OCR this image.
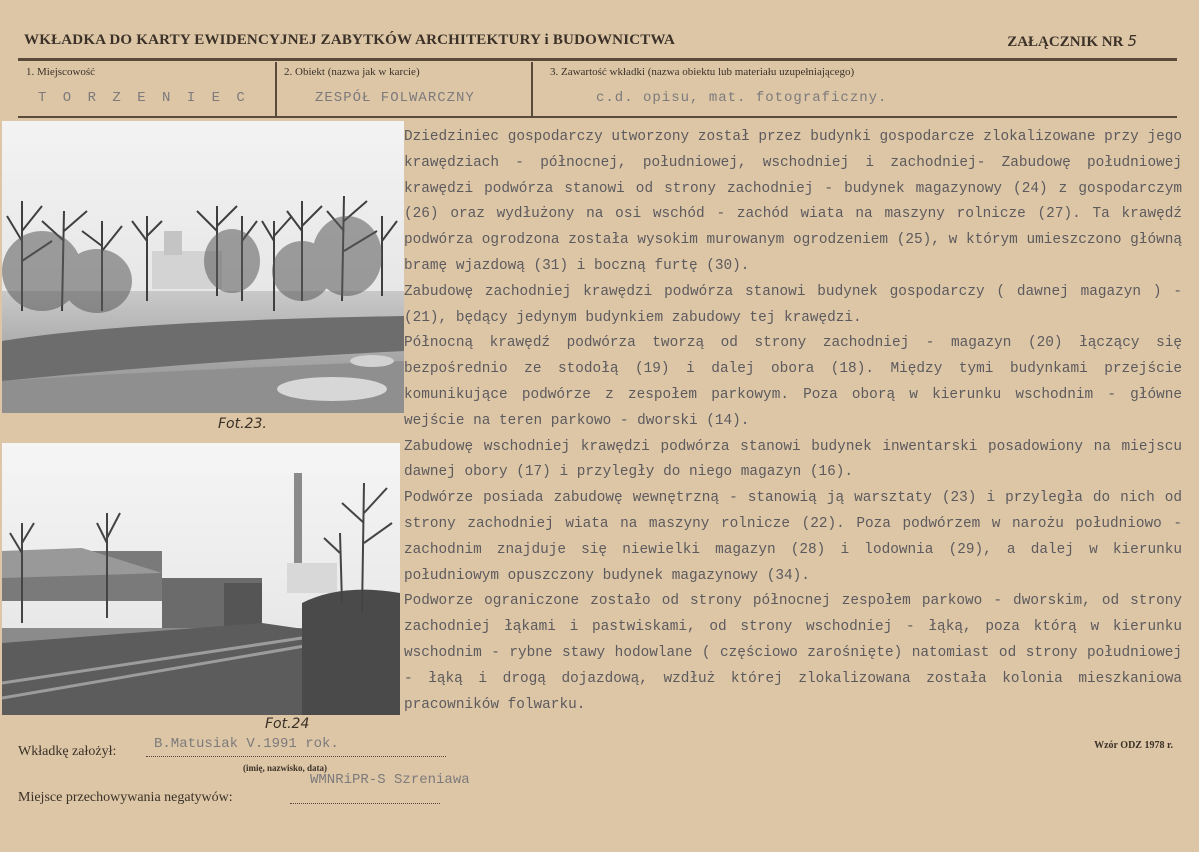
WKŁADKA DO KARTY EWIDENCYJNEJ ZABYTKÓW ARCHITEKTURY i BUDOWNICTWA	ZAŁĄCZNIK NR 5
1. Miejscowość	2. Obiekt (nazwa jak w karcie)	3. Zawartość wkładki (nazwa obiektu lub materiału uzupełniającego)
T O R Z E N I E C	ZESPÓŁ FOLWARCZNY	c.d. opisu, mat. fotograficzny.
Fot.23.
Fot.24

Dziedziniec gospodarczy utworzony został przez budynki gospodarcze zlokalizowane przy jego krawędziach - północnej, południowej, wschodniej i zachodniej- Zabudowę południowej krawędzi podwórza stanowi od strony zachodniej - budynek magazynowy (24) z gospodarczym (26) oraz wydłużony na osi wschód - zachód wiata na maszyny rolnicze (27). Ta krawędź podwórza ogrodzona została wysokim murowanym ogrodzeniem (25), w którym umieszczono główną bramę wjazdową (31) i boczną furtę (30).

Zabudowę zachodniej krawędzi podwórza stanowi budynek gospodarczy ( dawnej magazyn ) -(21), będący jedynym budynkiem zabudowy tej krawędzi.

Północną krawędź podwórza tworzą od strony zachodniej - magazyn (20) łączący się bezpośrednio ze stodołą (19) i dalej obora (18). Między tymi budynkami przejście komunikujące podwórze z zespołem parkowym. Poza oborą w kierunku wschodnim - główne wejście na teren parkowo - dworski (14).

Zabudowę wschodniej krawędzi podwórza stanowi budynek inwentarski posadowiony na miejscu dawnej obory (17) i przyległy do niego magazyn (16).

Podwórze posiada zabudowę wewnętrzną - stanowią ją warsztaty (23) i przyległa do nich od strony zachodniej wiata na maszyny rolnicze (22). Poza podwórzem w narożu południowo - zachodnim znajduje się niewielki magazyn (28) i lodownia (29), a dalej w kierunku południowym opuszczony budynek magazynowy (34).

Podworze ograniczone zostało od strony północnej zespołem parkowo - dworskim, od strony zachodniej łąkami i pastwiskami, od strony wschodniej - łąką, poza którą w kierunku wschodnim - rybne stawy hodowlane ( częściowo zarośnięte) natomiast od strony południowej - łąką i drogą dojazdową, wzdłuż której zlokalizowana została kolonia mieszkaniowa pracowników folwarku.

Wkładkę założył:	B.Matusiak V.1991 rok.
(imię, nazwisko, data)
WMNRiPR-S Szreniawa
Miejsce przechowywania negatywów:
Wzór ODZ 1978 r.
